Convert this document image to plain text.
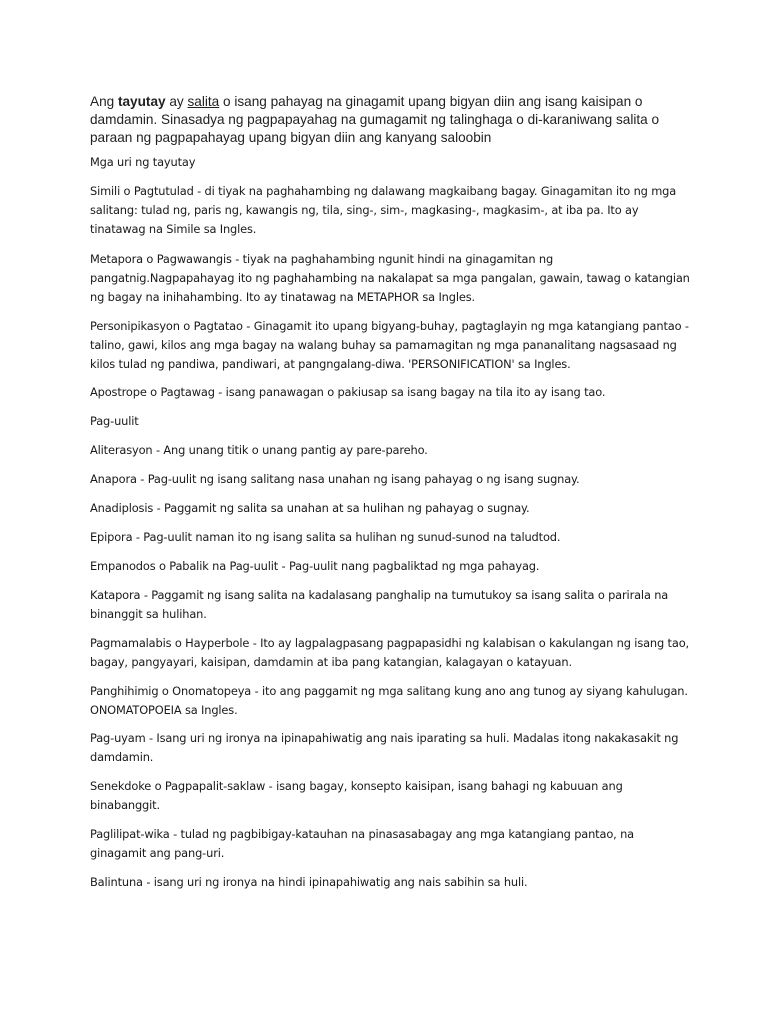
Ang tayutay ay salita o isang pahayag na ginagamit upang bigyan diin ang isang kaisipan o damdamin. Sinasadya ng pagpapayahag na gumagamit ng talinghaga o di-karaniwang salita o paraan ng pagpapahayag upang bigyan diin ang kanyang saloobin

Mga uri ng tayutay

Simili o Pagtutulad - di tiyak na paghahambing ng dalawang magkaibang bagay. Ginagamitan ito ng mga salitang: tulad ng, paris ng, kawangis ng, tila, sing-, sim-, magkasing-, magkasim-, at iba pa. Ito ay tinatawag na Simile sa Ingles.

Metapora o Pagwawangis - tiyak na paghahambing ngunit hindi na ginagamitan ng pangatnig.Nagpapahayag ito ng paghahambing na nakalapat sa mga pangalan, gawain, tawag o katangian ng bagay na inihahambing. Ito ay tinatawag na METAPHOR sa Ingles.

Personipikasyon o Pagtatao - Ginagamit ito upang bigyang-buhay, pagtaglayin ng mga katangiang pantao - talino, gawi, kilos ang mga bagay na walang buhay sa pamamagitan ng mga pananalitang nagsasaad ng kilos tulad ng pandiwa, pandiwari, at pangngalang-diwa. 'PERSONIFICATION' sa Ingles.

Apostrope o Pagtawag - isang panawagan o pakiusap sa isang bagay na tila ito ay isang tao.

Pag-uulit

Aliterasyon - Ang unang titik o unang pantig ay pare-pareho.

Anapora - Pag-uulit ng isang salitang nasa unahan ng isang pahayag o ng isang sugnay.

Anadiplosis - Paggamit ng salita sa unahan at sa hulihan ng pahayag o sugnay.

Epipora - Pag-uulit naman ito ng isang salita sa hulihan ng sunud-sunod na taludtod.

Empanodos o Pabalik na Pag-uulit - Pag-uulit nang pagbaliktad ng mga pahayag.

Katapora - Paggamit ng isang salita na kadalasang panghalip na tumutukoy sa isang salita o parirala na binanggit sa hulihan.

Pagmamalabis o Hayperbole - Ito ay lagpalagpasang pagpapasidhi ng kalabisan o kakulangan ng isang tao, bagay, pangyayari, kaisipan, damdamin at iba pang katangian, kalagayan o katayuan.

Panghihimig o Onomatopeya - ito ang paggamit ng mga salitang kung ano ang tunog ay siyang kahulugan. ONOMATOPOEIA sa Ingles.

Pag-uyam - Isang uri ng ironya na ipinapahiwatig ang nais iparating sa huli. Madalas itong nakakasakit ng damdamin.

Senekdoke o Pagpapalit-saklaw - isang bagay, konsepto kaisipan, isang bahagi ng kabuuan ang binabanggit.

Paglilipat-wika - tulad ng pagbibigay-katauhan na pinasasabagay ang mga katangiang pantao, na ginagamit ang pang-uri.

Balintuna - isang uri ng ironya na hindi ipinapahiwatig ang nais sabihin sa huli.
